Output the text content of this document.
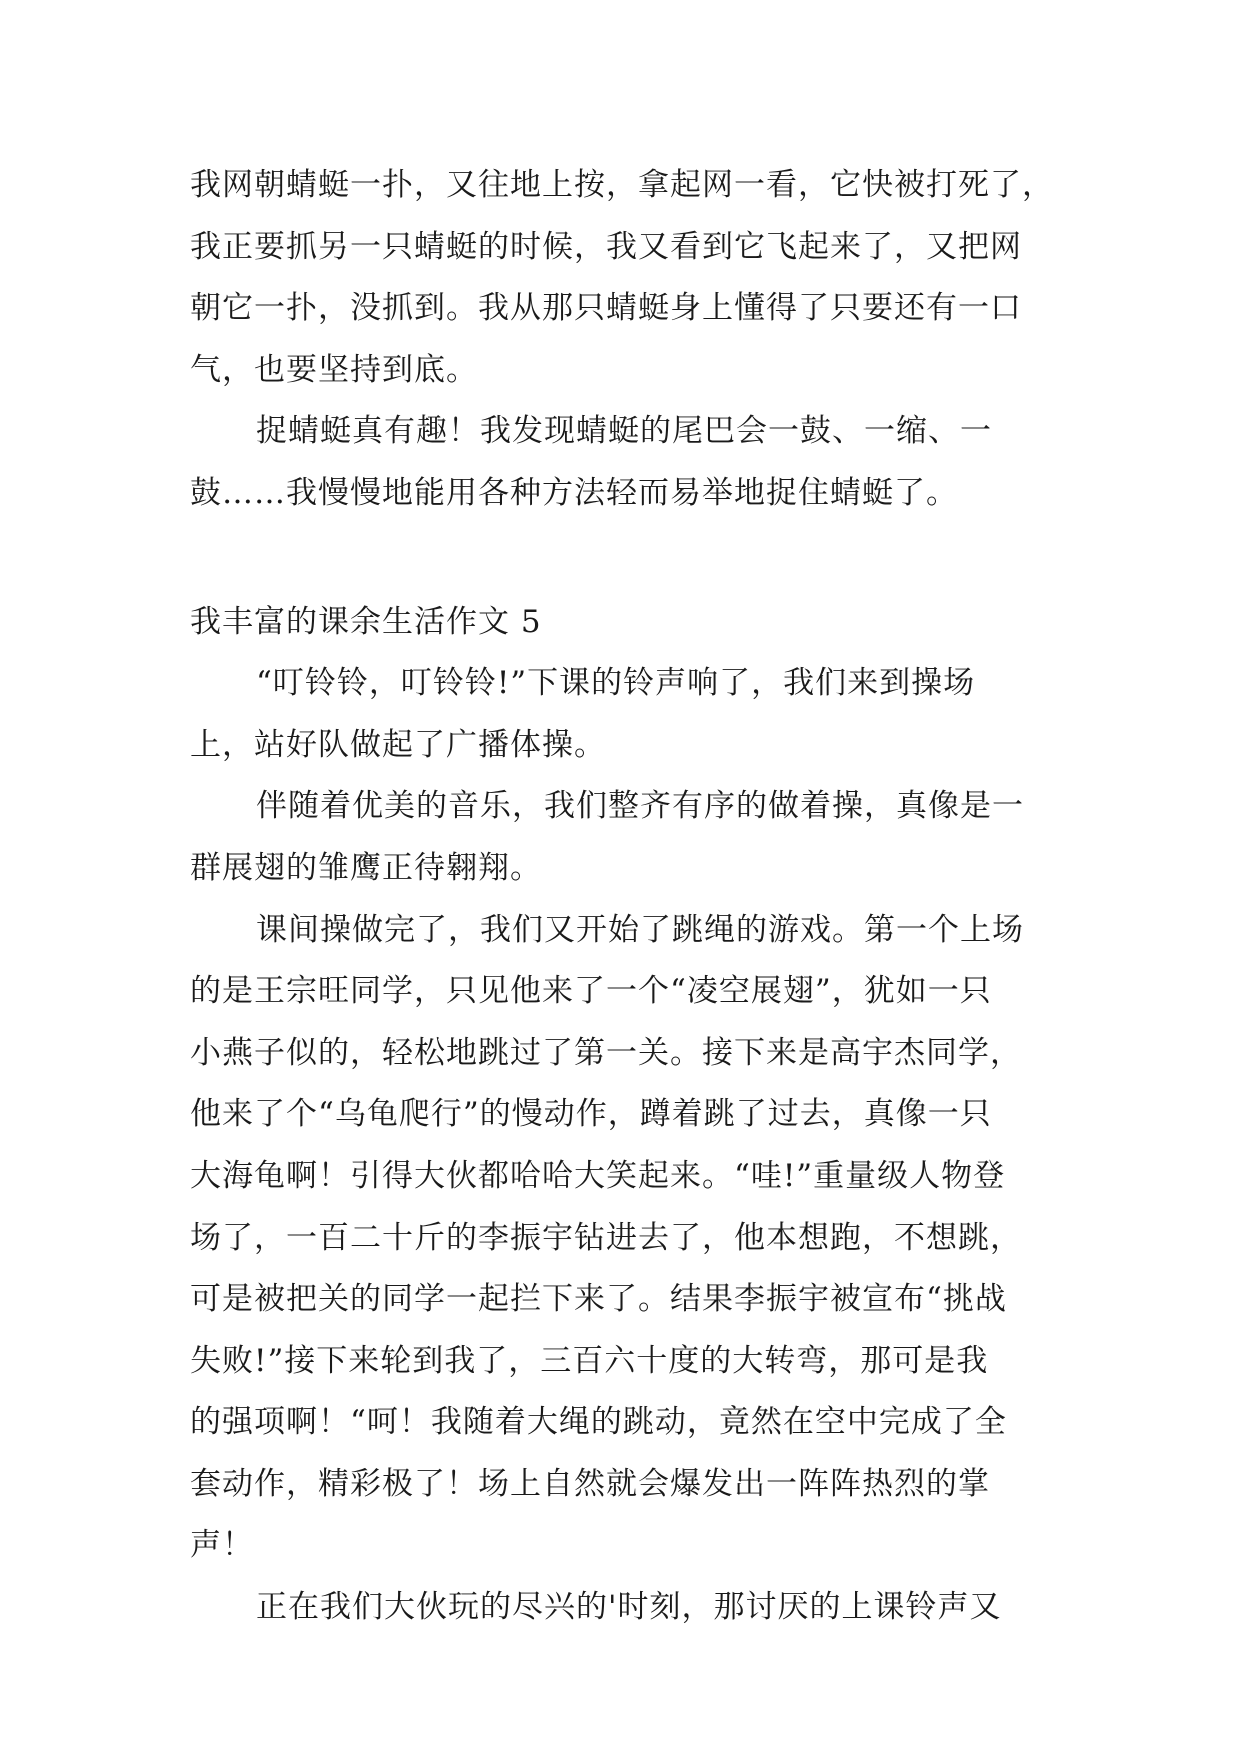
我网朝蜻蜓一扑，又往地上按，拿起网一看，它快被打死了，
我正要抓另一只蜻蜓的时候，我又看到它飞起来了，又把网
朝它一扑，没抓到。我从那只蜻蜓身上懂得了只要还有一口
气，也要坚持到底。
捉蜻蜓真有趣！我发现蜻蜓的尾巴会一鼓、一缩、一
鼓……我慢慢地能用各种方法轻而易举地捉住蜻蜓了。
我丰富的课余生活作文 5
“叮铃铃，叮铃铃!”下课的铃声响了，我们来到操场
上，站好队做起了广播体操。
伴随着优美的音乐，我们整齐有序的做着操，真像是一
群展翅的雏鹰正待翱翔。
课间操做完了，我们又开始了跳绳的游戏。第一个上场
的是王宗旺同学，只见他来了一个“凌空展翅”，犹如一只
小燕子似的，轻松地跳过了第一关。接下来是高宇杰同学，
他来了个“乌龟爬行”的慢动作，蹲着跳了过去，真像一只
大海龟啊！引得大伙都哈哈大笑起来。“哇!”重量级人物登
场了，一百二十斤的李振宇钻进去了，他本想跑，不想跳，
可是被把关的同学一起拦下来了。结果李振宇被宣布“挑战
失败!”接下来轮到我了，三百六十度的大转弯，那可是我
的强项啊！“呵！我随着大绳的跳动，竟然在空中完成了全
套动作，精彩极了！场上自然就会爆发出一阵阵热烈的掌
声！
正在我们大伙玩的尽兴的'时刻，那讨厌的上课铃声又
